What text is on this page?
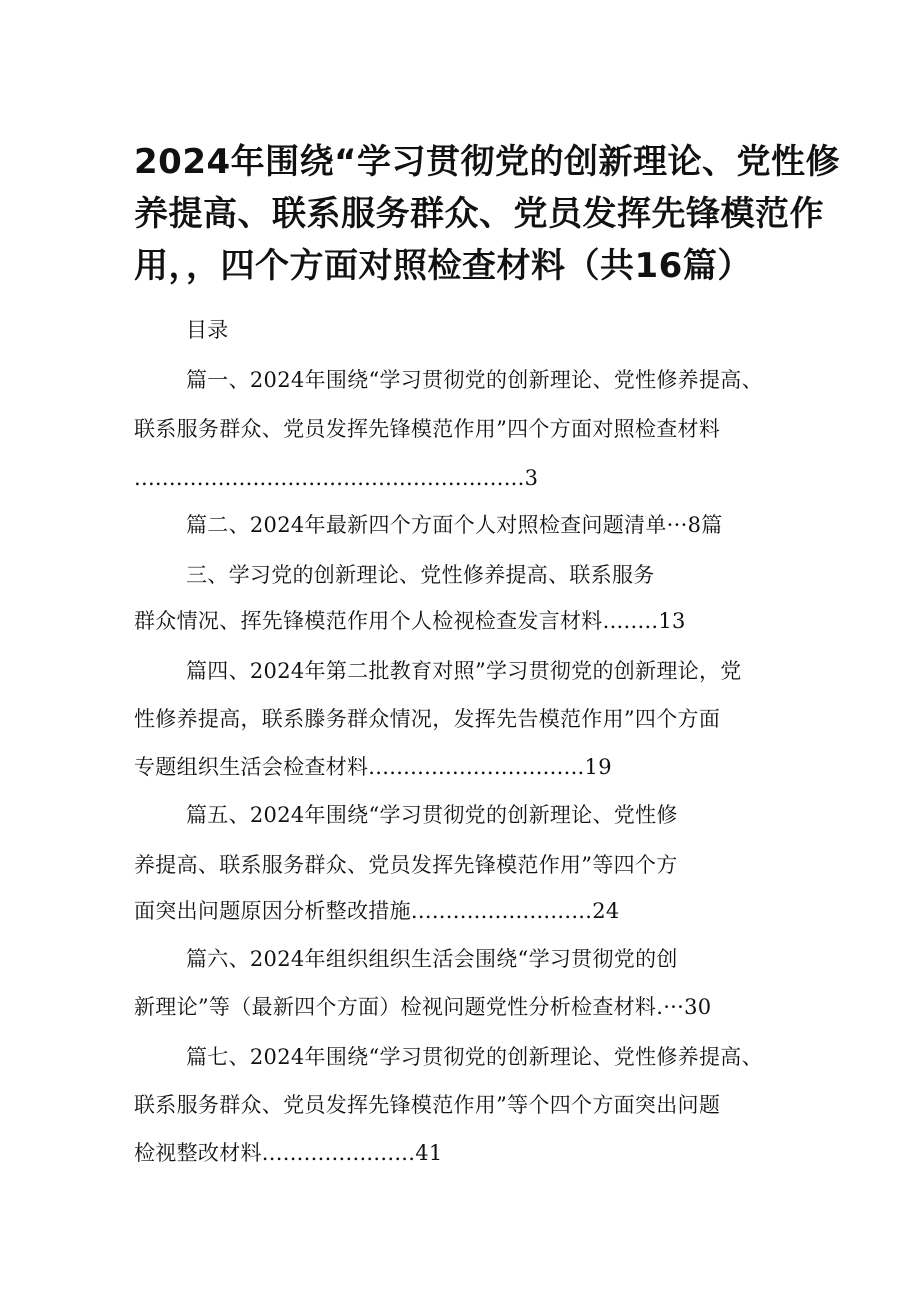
2024年围绕“学习贯彻党的创新理论、党性修
养提高、联系服务群众、党员发挥先锋模范作
用，，四个方面对照检查材料（共16篇）
目录
篇一、2024年围绕“学习贯彻党的创新理论、党性修养提高、
联系服务群众、党员发挥先锋模范作用”四个方面对照检查材料
........................................................3
篇二、2024年最新四个方面个人对照检查问题清单···8篇
三、学习党的创新理论、党性修养提高、联系服务
群众情况、挥先锋模范作用个人检视检查发言材料........13
篇四、2024年第二批教育对照”学习贯彻党的创新理论，党
性修养提高，联系滕务群众情况，发挥先告模范作用”四个方面
专题组织生活会检查材料...............................19
篇五、2024年围绕“学习贯彻党的创新理论、党性修
养提高、联系服务群众、党员发挥先锋模范作用”等四个方
面突出问题原因分析整改措施..........................24
篇六、2024年组织组织生活会围绕“学习贯彻党的创
新理论”等（最新四个方面）检视问题党性分析检查材料.···30
篇七、2024年围绕“学习贯彻党的创新理论、党性修养提高、
联系服务群众、党员发挥先锋模范作用”等个四个方面突出问题
检视整改材料......................41
